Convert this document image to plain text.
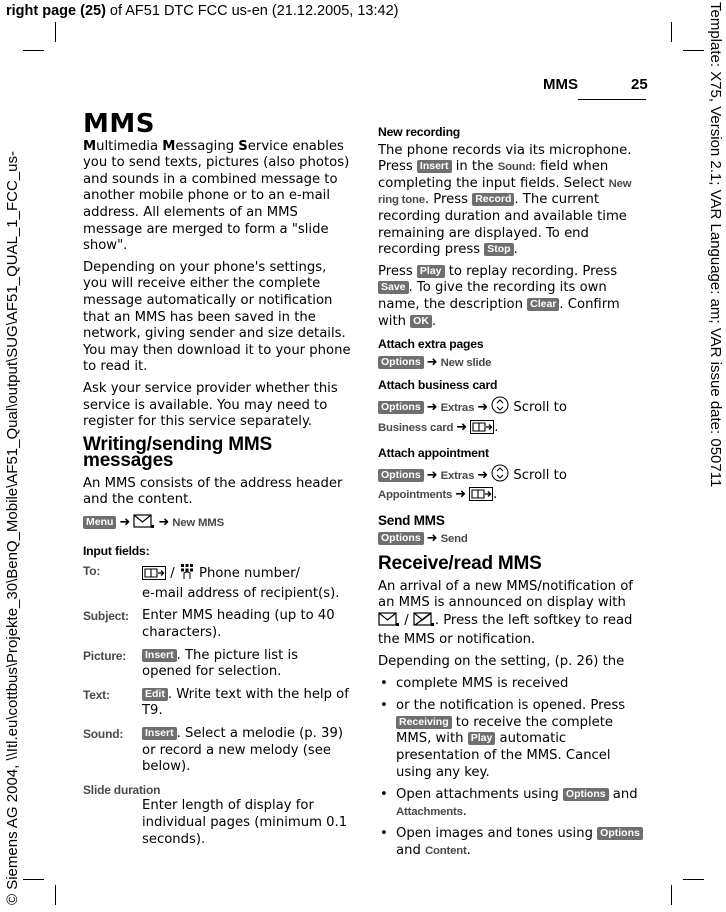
right page (25) of AF51 DTC FCC us-en (21.12.2005, 13:42)
© Siemens AG 2004, \\Itl.eu\cottbus\Projekte_30\BenQ_Mobile\AF51_Qual\output\SUG\AF51_QUAL_1_FCC_us-	Template: X75, Version 2.1; VAR Language: am; VAR issue date: 050711
MMS	25
MMS

Multimedia Messaging Service enables you to send texts, pictures (also photos) and sounds in a combined message to another mobile phone or to an e-mail address. All elements of an MMS message are merged to form a "slide show".

Depending on your phone's settings, you will receive either the complete message automatically or notification that an MMS has been saved in the network, giving sender and size details. You may then download it to your phone to read it.

Ask your service provider whether this service is available. You may need to register for this service separately.

Writing/sending MMS messages

An MMS consists of the address header and the content.

Menu ➜ ➜ New MMS
Input fields:
To:	/  Phone number/
e-mail address of recipient(s).
Subject:	Enter MMS heading (up to 40 characters).
Picture:	Insert . The picture list is opened for selection.
Text:	Edit . Write text with the help of T9.
Sound:	Insert . Select a melodie (p. 39) or record a new melody (see below).
Slide duration
Enter length of display for individual pages (minimum 0.1 seconds).
New recording

The phone records via its microphone. Press Insert in the Sound: field when completing the input fields. Select New ring tone. Press Record . The current recording duration and available time remaining are displayed. To end recording press Stop .

Press Play to replay recording. Press Save . To give the recording its own name, the description Clear . Confirm with OK .

Attach extra pages
Options ➜ New slide
Attach business card
Options ➜ Extras ➜ Scroll to
Business card ➜ .
Attach appointment
Options ➜ Extras ➜ Scroll to
Appointments ➜ .
Send MMS
Options ➜ Send
Receive/read MMS

An arrival of a new MMS/notification of an MMS is announced on display with  / . Press the left softkey to read the MMS or notification.

Depending on the setting, (p. 26) the

• complete MMS is received
• or the notification is opened. Press Receiving to receive the complete MMS, with Play automatic presentation of the MMS. Cancel using any key.
• Open attachments using Options and Attachments.
• Open images and tones using Options and Content.
